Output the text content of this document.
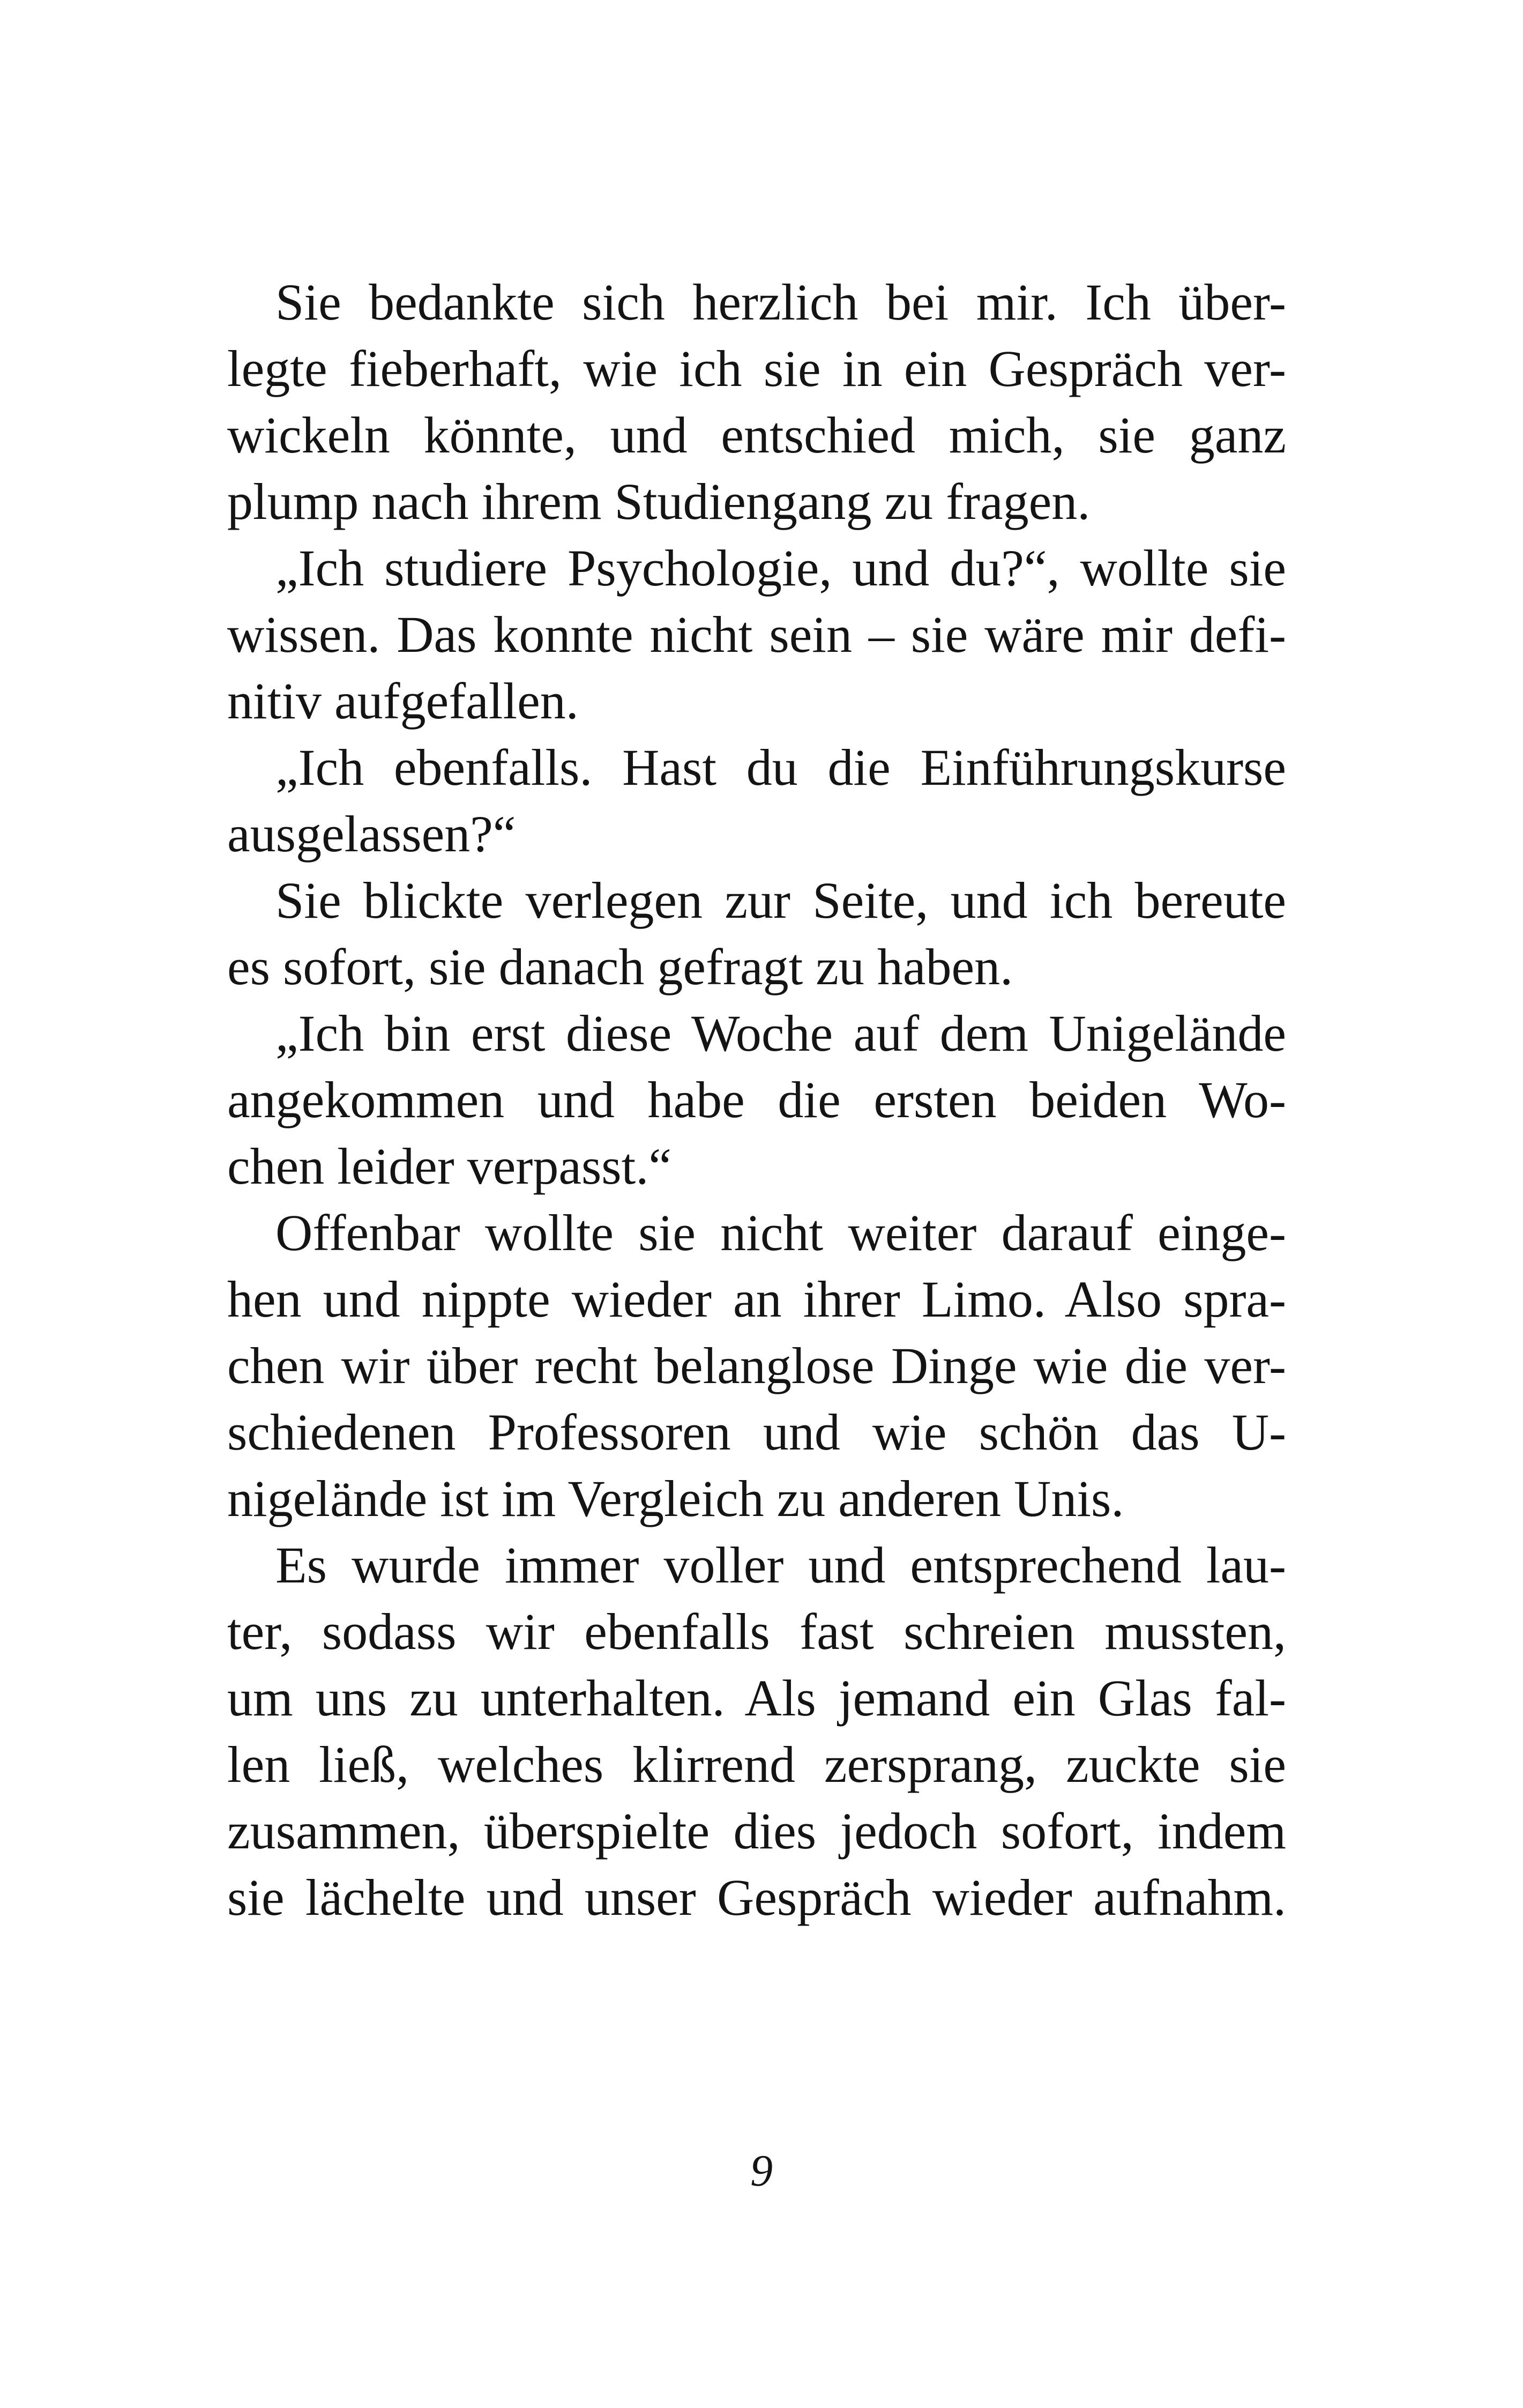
Sie bedankte sich herzlich bei mir. Ich über-
legte fieberhaft, wie ich sie in ein Gespräch ver-
wickeln könnte, und entschied mich, sie ganz
plump nach ihrem Studiengang zu fragen.
„Ich studiere Psychologie, und du?“, wollte sie
wissen. Das konnte nicht sein – sie wäre mir defi-
nitiv aufgefallen.
„Ich ebenfalls. Hast du die Einführungskurse
ausgelassen?“
Sie blickte verlegen zur Seite, und ich bereute
es sofort, sie danach gefragt zu haben.
„Ich bin erst diese Woche auf dem Unigelände
angekommen und habe die ersten beiden Wo-
chen leider verpasst.“
Offenbar wollte sie nicht weiter darauf einge-
hen und nippte wieder an ihrer Limo. Also spra-
chen wir über recht belanglose Dinge wie die ver-
schiedenen Professoren und wie schön das U-
nigelände ist im Vergleich zu anderen Unis.
Es wurde immer voller und entsprechend lau-
ter, sodass wir ebenfalls fast schreien mussten,
um uns zu unterhalten. Als jemand ein Glas fal-
len ließ, welches klirrend zersprang, zuckte sie
zusammen, überspielte dies jedoch sofort, indem
sie lächelte und unser Gespräch wieder aufnahm.
9
